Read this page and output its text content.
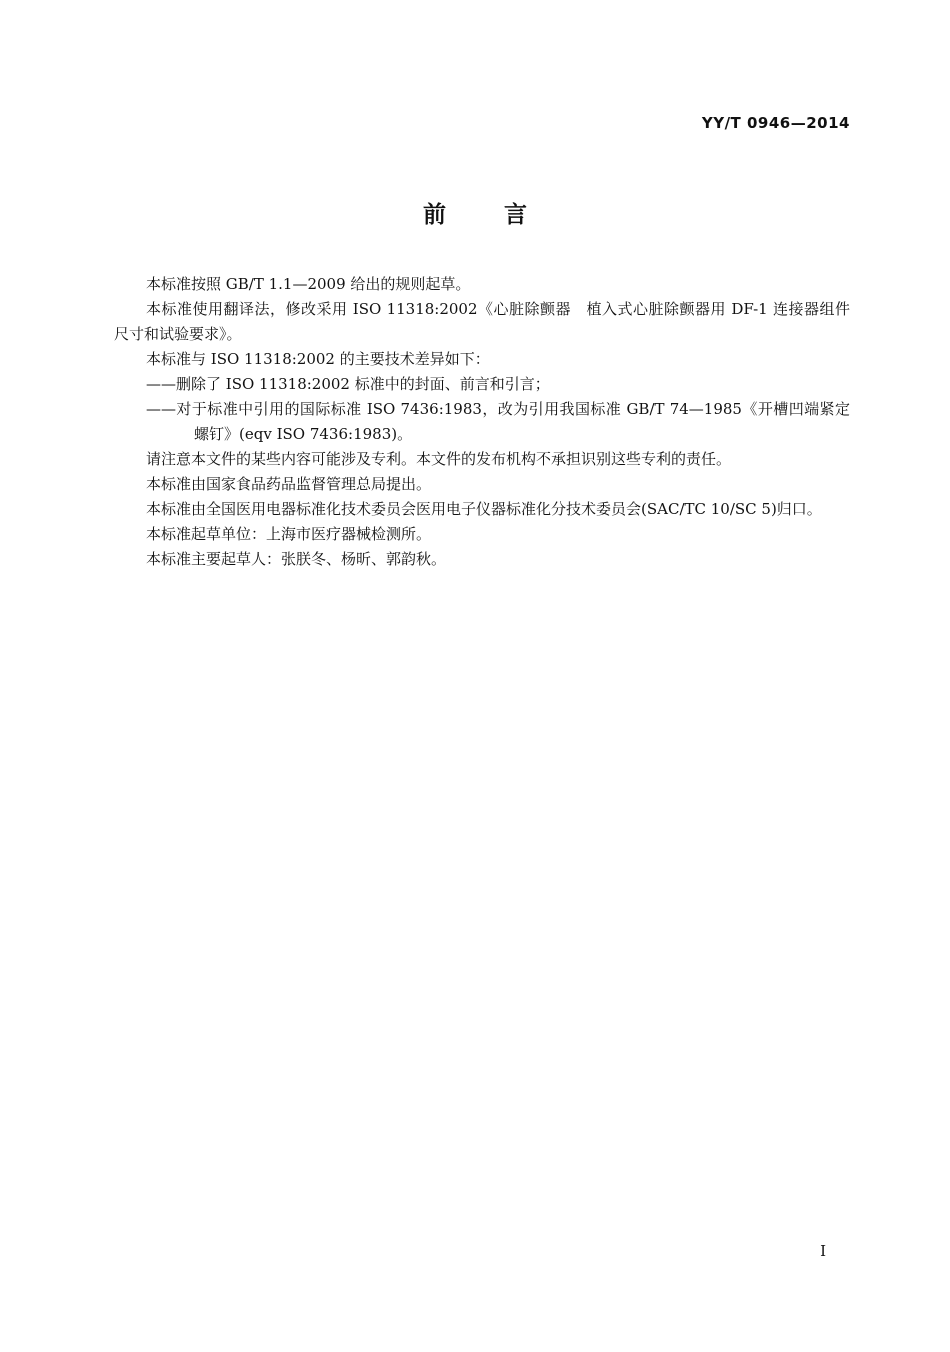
YY/T 0946—2014
前言

本标准按照 GB/T 1.1—2009 给出的规则起草。

本标准使用翻译法，修改采用 ISO 11318:2002《心脏除颤器　植入式心脏除颤器用 DF-1 连接器组件　尺寸和试验要求》。

本标准与 ISO 11318:2002 的主要技术差异如下：

——删除了 ISO 11318:2002 标准中的封面、前言和引言；

——对于标准中引用的国际标准 ISO 7436:1983，改为引用我国标准 GB/T 74—1985《开槽凹端紧定螺钉》(eqv ISO 7436:1983)。

请注意本文件的某些内容可能涉及专利。本文件的发布机构不承担识别这些专利的责任。

本标准由国家食品药品监督管理总局提出。

本标准由全国医用电器标准化技术委员会医用电子仪器标准化分技术委员会(SAC/TC 10/SC 5)归口。

本标准起草单位：上海市医疗器械检测所。

本标准主要起草人：张朕冬、杨昕、郭韵秋。

I
